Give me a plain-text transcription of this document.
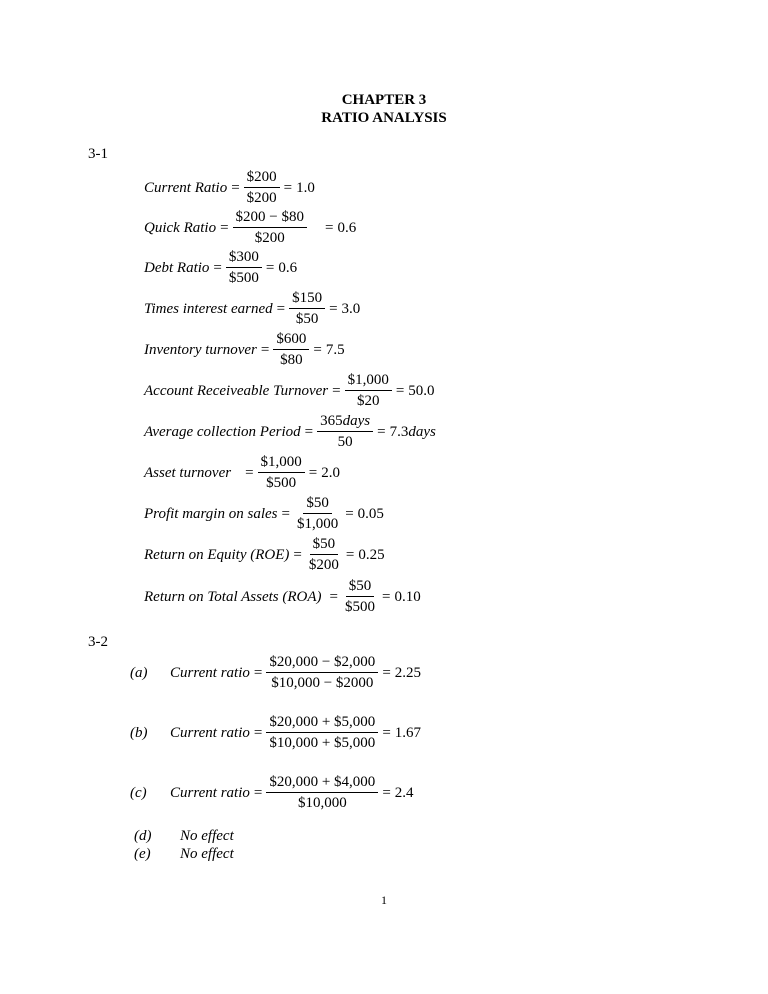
CHAPTER 3
RATIO ANALYSIS
3-1
Current Ratio = $\frac{\$200}{\$200} = 1.0$
Quick Ratio = $\frac{\$200 - \$80}{\$200} = 0.6$
Debt Ratio = $\frac{\$300}{\$500} = 0.6$
Times interest earned = $\frac{\$150}{\$50} = 3.0$
Inventory turnover = $\frac{\$600}{\$80} = 7.5$
Account Receiveable Turnover = $\frac{\$1,000}{\$20} = 50.0$
Average collection Period = $\frac{\text{365days}}{50}$ = 7.3days
Asset turnover = $\frac{\$1,000}{\$500} = 2.0$
Profit margin on sales = $\frac{\$50}{\$1,000} = 0.05$
Return on Equity $(ROE) = \frac{\$50}{\$200} = 0.25$
Return on Total Assets $(ROA) = \frac{\$50}{\$500} = 0.10$
3-2
(a)	Current ratio = $\frac{\$20,000 - \$2,000}{\$10,000 - \$2000} = 2.25$
(b)	Current ratio = $\frac{\$20,000 + \$5,000}{\$10,000 + \$5,000} = 1.67$
(c)	Current ratio = $\frac{\$20,000 + \$4,000}{\$10,000} = 2.4$
(d)	No effect
(e)	No effect
1
